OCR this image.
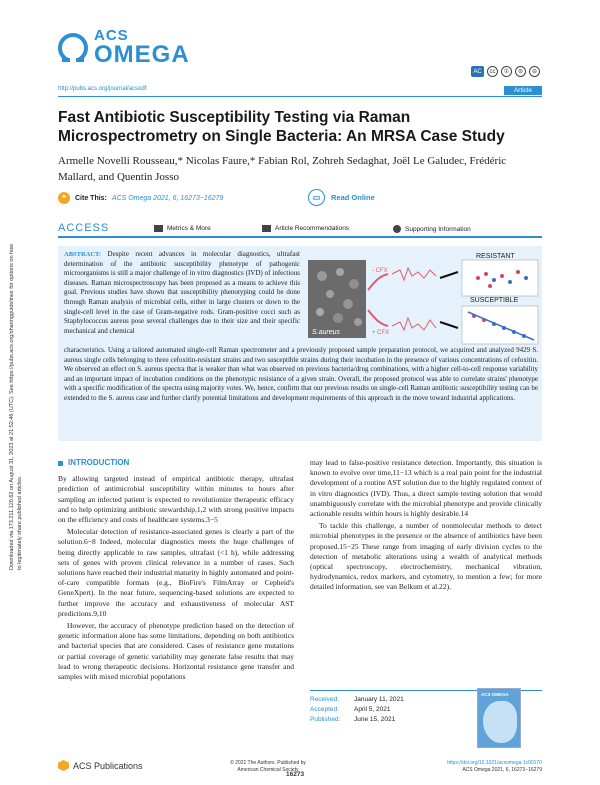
Downloaded via 173.211.120.62 on August 31, 2023 at 21:52:46 (UTC). See https://pubs.acs.org/sharingguidelines for options on how to legitimately share published articles.
ACS
OMEGA
AC	cc	①	⊜	⊖
http://pubs.acs.org/journal/acsodf	Article
Fast Antibiotic Susceptibility Testing via Raman Microspectrometry on Single Bacteria: An MRSA Case Study
Armelle Novelli Rousseau,* Nicolas Faure,* Fabian Rol, Zohreh Sedaghat, Joël Le Galudec, Frédéric Mallard, and Quentin Josso
❝	Cite This: ACS Omega 2021, 6, 16273−16279	▭	Read Online
ACCESS	Metrics & More	Article Recommendations	Supporting Information
ABSTRACT: Despite recent advances in molecular diagnostics, ultrafast determination of the antibiotic susceptibility phenotype of pathogenic microorganisms is still a major challenge of in vitro diagnostics (IVD) of infectious diseases. Raman microspectroscopy has been proposed as a means to achieve this goal. Previous studies have shown that susceptibility phenotyping could be done through Raman analysis of microbial cells, either in large clusters or down to the single-cell level in the case of Gram-negative rods. Gram-positive cocci such as Staphylococcus aureus pose several challenges due to their size and their specific mechanical and chemical	S.aureus
- CFX
+ CFX
RESISTANT
SUSCEPTIBLE
characteristics. Using a tailored automated single-cell Raman spectrometer and a previously proposed sample preparation protocol, we acquired and analyzed 9429 S. aureus single cells belonging to three cefoxitin-resistant strains and two susceptible strains during their incubation in the presence of various concentrations of cefoxitin. We observed an effect on S. aureus spectra that is weaker than what was observed on previous bacteria/drug combinations, with a higher cell-to-cell response variability and an important impact of incubation conditions on the phenotypic resistance of a given strain. Overall, the proposed protocol was able to correlate strains' phenotype with a specific modification of the spectra using majority votes. We, hence, confirm that our previous results on single-cell Raman antibiotic susceptibility testing can be extended to the S. aureus case and further clarify potential limitations and development requirements of this approach in the move toward industrial applications.
INTRODUCTION

By allowing targeted instead of empirical antibiotic therapy, ultrafast prediction of antimicrobial susceptibility within minutes to hours after sampling an infected patient is expected to revolutionize therapeutic efficacy and to help optimizing antibiotic stewardship,1,2 with strong positive impacts on the efficiency and costs of healthcare systems.3−5

Molecular detection of resistance-associated genes is clearly a part of the solution.6−8 Indeed, molecular diagnostics meets the huge challenges of being directly applicable to raw samples, ultrafast (<1 h), while addressing sets of genes with proven clinical relevance in a number of cases. Such solutions have reached their industrial maturity in highly automated and point-of-care compatible formats (e.g., BioFire's FilmArray or Cepheid's GeneXpert). In the near future, sequencing-based solutions are expected to further improve the accuracy and exhaustiveness of molecular AST predictions.9,10

However, the accuracy of phenotype prediction based on the detection of genetic information alone has some limitations, depending on both antibiotics and bacterial species that are considered. Cases of resistance gene mutations or partial coverage of genetic variability may generate false results that may lead to wrong therapeutic decisions. Horizontal resistance gene transfer and samples with mixed microbial populations

may lead to false-positive resistance detection. Importantly, this situation is known to evolve over time,11−13 which is a real pain point for the industrial development of a routine AST solution due to the highly regulated context of in vitro diagnostics (IVD). Thus, a direct sample testing solution that would unambiguously correlate with the microbial phenotype and provide clinically actionable results within hours is highly desirable.14

To tackle this challenge, a number of nonmolecular methods to detect microbial phenotypes in the presence or the absence of antibiotics have been proposed.15−25 These range from imaging of early division cycles to the detection of metabolic alterations using a wealth of analytical methods (optical spectroscopy, electrochemistry, mechanical vibration, hydrodynamics, redox markers, and cytometry, to mention a few; for more detailed information, see van Belkum et al.22).

Received: January 11, 2021
Accepted: April 5, 2021
Published: June 15, 2021
ACS OMEGA
ACS Publications	© 2021 The Authors. Published by
American Chemical Society
16273
https://doi.org/10.1021/acsomega.1c00170
ACS Omega 2021, 6, 16273−16279
